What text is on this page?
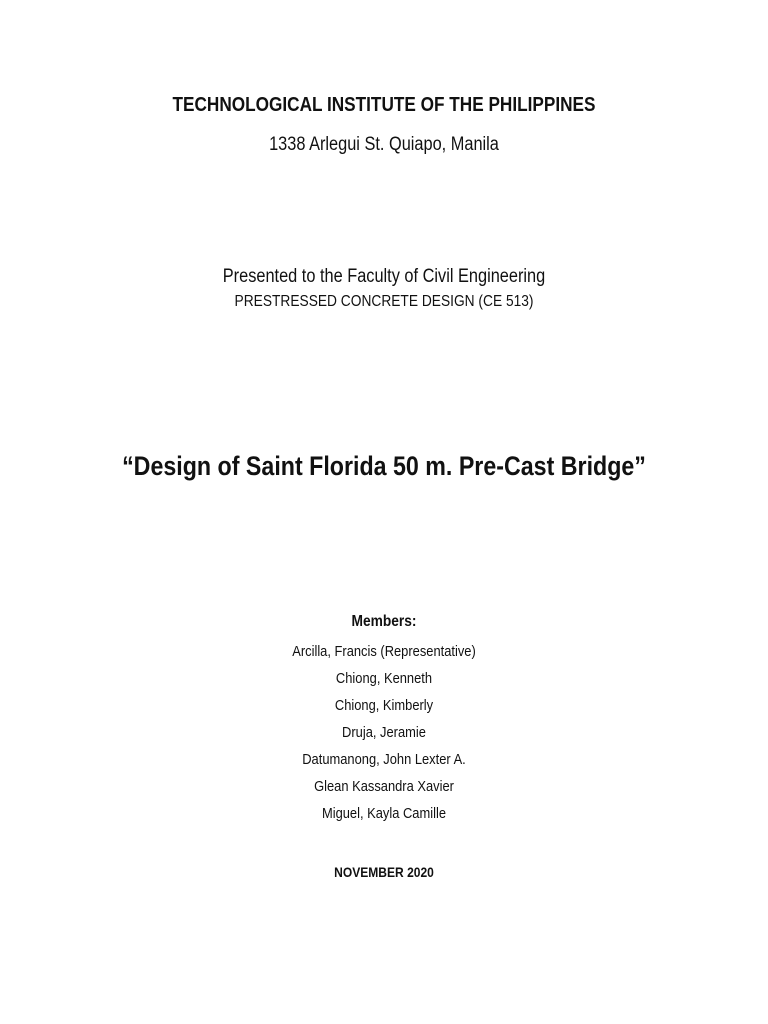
TECHNOLOGICAL INSTITUTE OF THE PHILIPPINES
1338 Arlegui St. Quiapo, Manila
Presented to the Faculty of Civil Engineering
PRESTRESSED CONCRETE DESIGN (CE 513)
“Design of Saint Florida 50 m. Pre-Cast Bridge”
Members:
Arcilla, Francis (Representative)
Chiong, Kenneth
Chiong, Kimberly
Druja, Jeramie
Datumanong, John Lexter A.
Glean Kassandra Xavier
Miguel, Kayla Camille
NOVEMBER 2020
